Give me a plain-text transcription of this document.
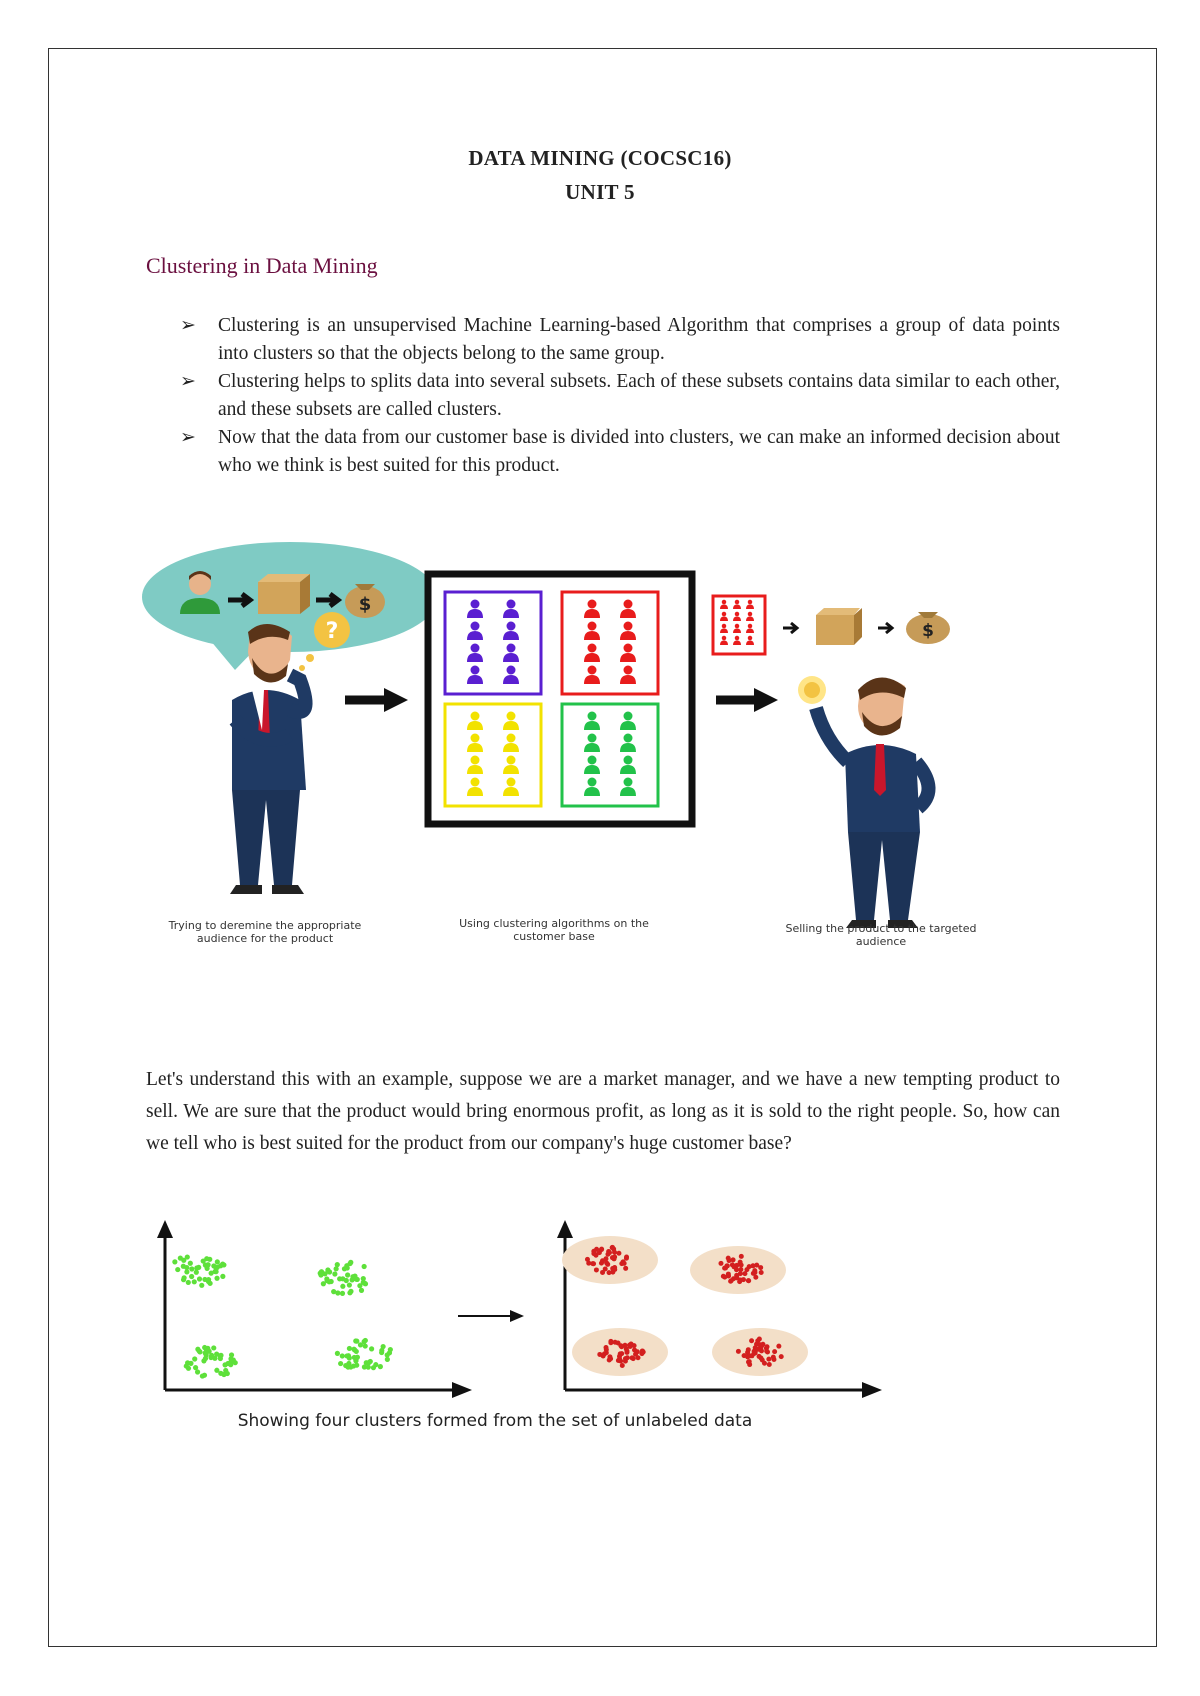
DATA MINING (COCSC16)
UNIT 5
Clustering in Data Mining
➢ Clustering is an unsupervised Machine Learning-based Algorithm that comprises a group of data points into clusters so that the objects belong to the same group.
➢ Clustering helps to splits data into several subsets. Each of these subsets contains data similar to each other, and these subsets are called clusters.
➢ Now that the data from our customer base is divided into clusters, we can make an informed decision about who we think is best suited for this product.
$
?	$
Trying to deremine the appropriate
audience for the product
Using clustering algorithms on the
customer base
Selling the product to the targeted
audience

Let's understand this with an example, suppose we are a market manager, and we have a new tempting product to sell. We are sure that the product would bring enormous profit, as long as it is sold to the right people. So, how can we tell who is best suited for the product from our company's huge customer base?

Showing four clusters formed from the set of unlabeled data
